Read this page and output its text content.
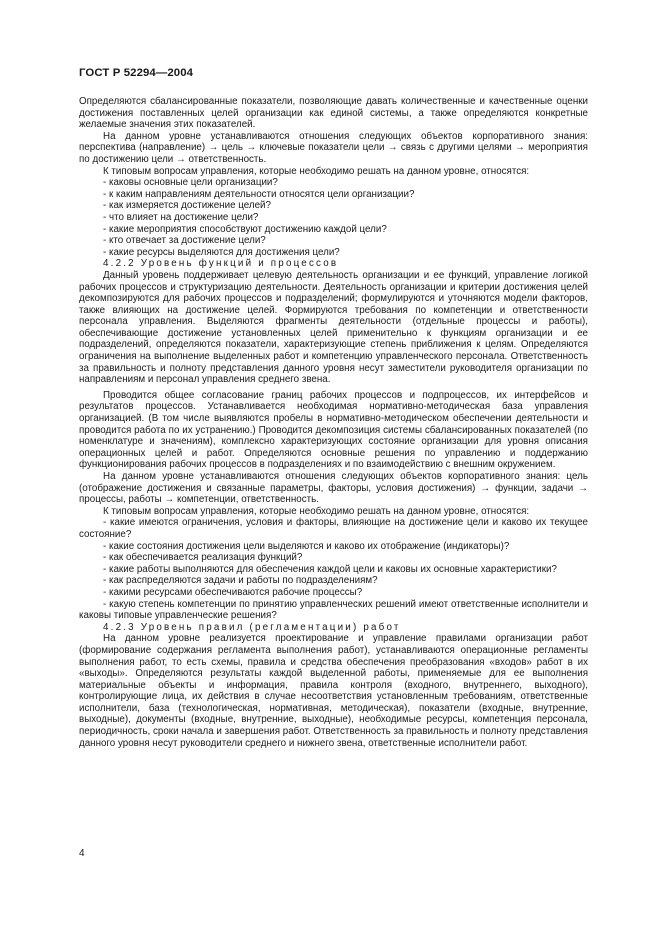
ГОСТ Р 52294—2004

Определяются сбалансированные показатели, позволяющие давать количественные и качественные оценки достижения поставленных целей организации как единой системы, а также определяются конкретные желаемые значения этих показателей.

На данном уровне устанавливаются отношения следующих объектов корпоративного знания: перспектива (направление) → цель → ключевые показатели цели → связь с другими целями → мероприятия по достижению цели → ответственность.

К типовым вопросам управления, которые необходимо решать на данном уровне, относятся:

- каковы основные цели организации?

- к каким направлениям деятельности относятся цели организации?

- как измеряется достижение целей?

- что влияет на достижение цели?

- какие мероприятия способствуют достижению каждой цели?

- кто отвечает за достижение цели?

- какие ресурсы выделяются для достижения цели?

4.2.2 Уровень функций и процессов

Данный уровень поддерживает целевую деятельность организации и ее функций, управление логикой рабочих процессов и структуризацию деятельности. Деятельность организации и критерии достижения целей декомпозируются для рабочих процессов и подразделений; формулируются и уточняются модели факторов, также влияющих на достижение целей. Формируются требования по компетенции и ответственности персонала управления. Выделяются фрагменты деятельности (отдельные процессы и работы), обеспечивающие достижение установленных целей применительно к функциям организации и ее подразделений, определяются показатели, характеризующие степень приближения к целям. Определяются ограничения на выполнение выделенных работ и компетенцию управленческого персонала. Ответственность за правильность и полноту представления данного уровня несут заместители руководителя организации по направлениям и персонал управления среднего звена.

Проводится общее согласование границ рабочих процессов и подпроцессов, их интерфейсов и результатов процессов. Устанавливается необходимая нормативно-методическая база управления организацией. (В том числе выявляются пробелы в нормативно-методическом обеспечении деятельности и проводится работа по их устранению.) Проводится декомпозиция системы сбалансированных показателей (по номенклатуре и значениям), комплексно характеризующих состояние организации для уровня описания операционных целей и работ. Определяются основные решения по управлению и поддержанию функционирования рабочих процессов в подразделениях и по взаимодействию с внешним окружением.

На данном уровне устанавливаются отношения следующих объектов корпоративного знания: цель (отображение достижения и связанные параметры, факторы, условия достижения) → функции, задачи → процессы, работы → компетенции, ответственность.

К типовым вопросам управления, которые необходимо решать на данном уровне, относятся:

- какие имеются ограничения, условия и факторы, влияющие на достижение цели и каково их текущее состояние?

- какие состояния достижения цели выделяются и каково их отображение (индикаторы)?

- как обеспечивается реализация функций?

- какие работы выполняются для обеспечения каждой цели и каковы их основные характеристики?

- как распределяются задачи и работы по подразделениям?

- какими ресурсами обеспечиваются рабочие процессы?

- какую степень компетенции по принятию управленческих решений имеют ответственные исполнители и каковы типовые управленческие решения?

4.2.3 Уровень правил (регламентации) работ

На данном уровне реализуется проектирование и управление правилами организации работ (формирование содержания регламента выполнения работ), устанавливаются операционные регламенты выполнения работ, то есть схемы, правила и средства обеспечения преобразования «входов» работ в их «выходы». Определяются результаты каждой выделенной работы, применяемые для ее выполнения материальные объекты и информация, правила контроля (входного, внутреннего, выходного), контролирующие лица, их действия в случае несоответствия установленным требованиям, ответственные исполнители, база (технологическая, нормативная, методическая), показатели (входные, внутренние, выходные), документы (входные, внутренние, выходные), необходимые ресурсы, компетенция персонала, периодичность, сроки начала и завершения работ. Ответственность за правильность и полноту представления данного уровня несут руководители среднего и нижнего звена, ответственные исполнители работ.

4
